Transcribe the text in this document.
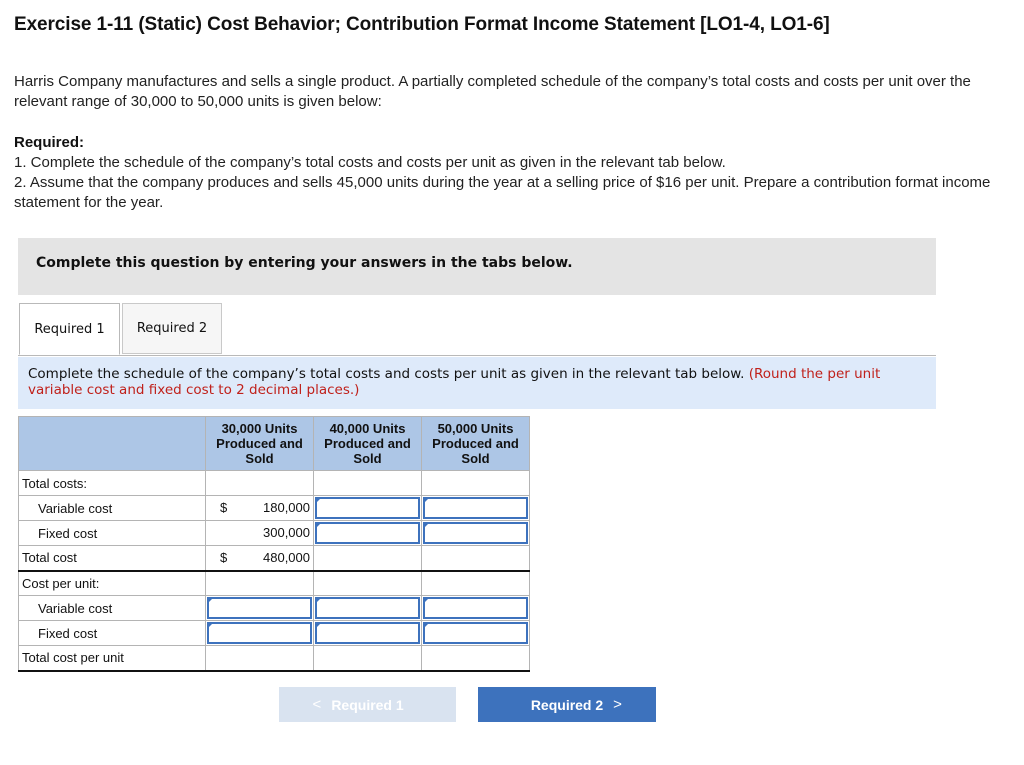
Exercise 1-11 (Static) Cost Behavior; Contribution Format Income Statement [LO1-4, LO1-6]
Harris Company manufactures and sells a single product. A partially completed schedule of the company’s total costs and costs per unit over the relevant range of 30,000 to 50,000 units is given below:
Required:
1. Complete the schedule of the company’s total costs and costs per unit as given in the relevant tab below.
2. Assume that the company produces and sells 45,000 units during the year at a selling price of $16 per unit. Prepare a contribution format income statement for the year.
Complete this question by entering your answers in the tabs below.
Required 1	Required 2
Complete the schedule of the company’s total costs and costs per unit as given in the relevant tab below. (Round the per unit variable cost and fixed cost to 2 decimal places.)
	30,000 Units Produced and Sold	40,000 Units Produced and Sold	50,000 Units Produced and Sold
Total costs:			
Variable cost	$ 180,000		

Fixed cost	300,000		

Total cost	$ 480,000		

Cost per unit:			
Variable cost	

Fixed cost	

Total cost per unit			
< Required 1	Required 2 >
